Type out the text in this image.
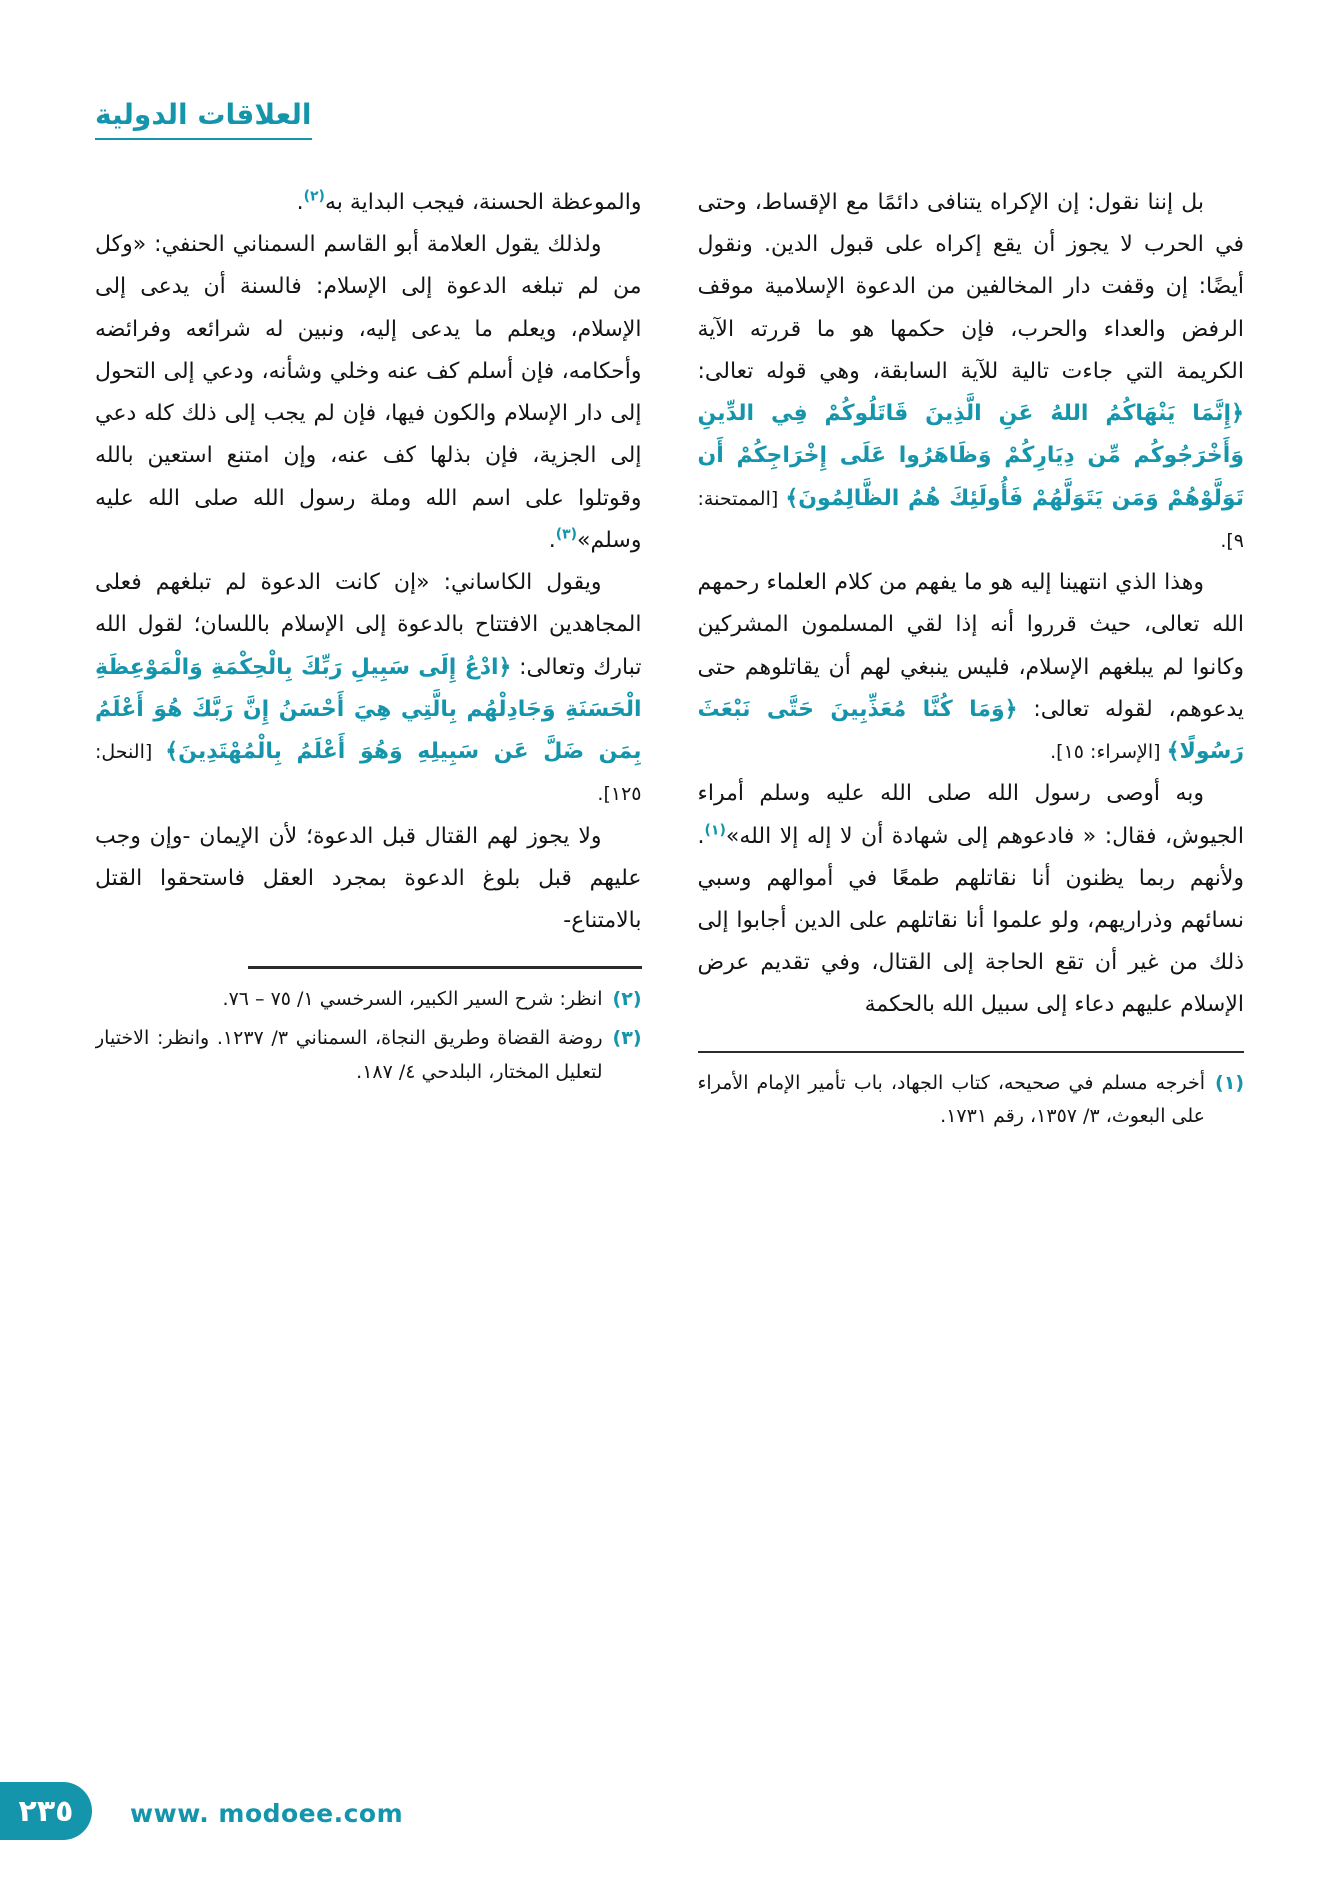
العلاقات الدولية

بل إننا نقول: إن الإكراه يتنافى دائمًا مع الإقساط، وحتى في الحرب لا يجوز أن يقع إكراه على قبول الدين. ونقول أيضًا: إن وقفت دار المخالفين من الدعوة الإسلامية موقف الرفض والعداء والحرب، فإن حكمها هو ما قررته الآية الكريمة التي جاءت تالية للآية السابقة، وهي قوله تعالى: ﴿إِنَّمَا يَنْهَاكُمُ اللهُ عَنِ الَّذِينَ قَاتَلُوكُمْ فِي الدِّينِ وَأَخْرَجُوكُم مِّن دِيَارِكُمْ وَظَاهَرُوا عَلَى إِخْرَاجِكُمْ أَن تَوَلَّوْهُمْ وَمَن يَتَوَلَّهُمْ فَأُولَئِكَ هُمُ الظَّالِمُونَ﴾ [الممتحنة: ٩].

وهذا الذي انتهينا إليه هو ما يفهم من كلام العلماء رحمهم الله تعالى، حيث قرروا أنه إذا لقي المسلمون المشركين وكانوا لم يبلغهم الإسلام، فليس ينبغي لهم أن يقاتلوهم حتى يدعوهم، لقوله تعالى: ﴿وَمَا كُنَّا مُعَذِّبِينَ حَتَّى نَبْعَثَ رَسُولًا﴾ [الإسراء: ١٥].

وبه أوصى رسول الله صلى الله عليه وسلم أمراء الجيوش، فقال: « فادعوهم إلى شهادة أن لا إله إلا الله»$^{(١)}$. ولأنهم ربما يظنون أنا نقاتلهم طمعًا في أموالهم وسبي نسائهم وذراريهم، ولو علموا أنا نقاتلهم على الدين أجابوا إلى ذلك من غير أن تقع الحاجة إلى القتال، وفي تقديم عرض الإسلام عليهم دعاء إلى سبيل الله بالحكمة

(١)
أخرجه مسلم في صحيحه، كتاب الجهاد، باب تأمير الإمام الأمراء على البعوث، ٣/ ١٣٥٧، رقم ١٧٣١.

والموعظة الحسنة، فيجب البداية به$^{(٢)}$.

ولذلك يقول العلامة أبو القاسم السمناني الحنفي: «وكل من لم تبلغه الدعوة إلى الإسلام: فالسنة أن يدعى إلى الإسلام، ويعلم ما يدعى إليه، ونبين له شرائعه وفرائضه وأحكامه، فإن أسلم كف عنه وخلي وشأنه، ودعي إلى التحول إلى دار الإسلام والكون فيها، فإن لم يجب إلى ذلك كله دعي إلى الجزية، فإن بذلها كف عنه، وإن امتنع استعين بالله وقوتلوا على اسم الله وملة رسول الله صلى الله عليه وسلم»$^{(٣)}$.

ويقول الكاساني: «إن كانت الدعوة لم تبلغهم فعلى المجاهدين الافتتاح بالدعوة إلى الإسلام باللسان؛ لقول الله تبارك وتعالى: ﴿ادْعُ إِلَى سَبِيلِ رَبِّكَ بِالْحِكْمَةِ وَالْمَوْعِظَةِ الْحَسَنَةِ وَجَادِلْهُم بِالَّتِي هِيَ أَحْسَنُ إِنَّ رَبَّكَ هُوَ أَعْلَمُ بِمَن ضَلَّ عَن سَبِيلِهِ وَهُوَ أَعْلَمُ بِالْمُهْتَدِينَ﴾ [النحل: ١٢٥].

ولا يجوز لهم القتال قبل الدعوة؛ لأن الإيمان -وإن وجب عليهم قبل بلوغ الدعوة بمجرد العقل فاستحقوا القتل بالامتناع-

(٢)
انظر: شرح السير الكبير، السرخسي ١/ ٧٥ – ٧٦.
(٣)
روضة القضاة وطريق النجاة، السمناني ٣/ ١٢٣٧. وانظر: الاختيار لتعليل المختار، البلدحي ٤/ ١٨٧.
٢٣٥	www. modoee.com
